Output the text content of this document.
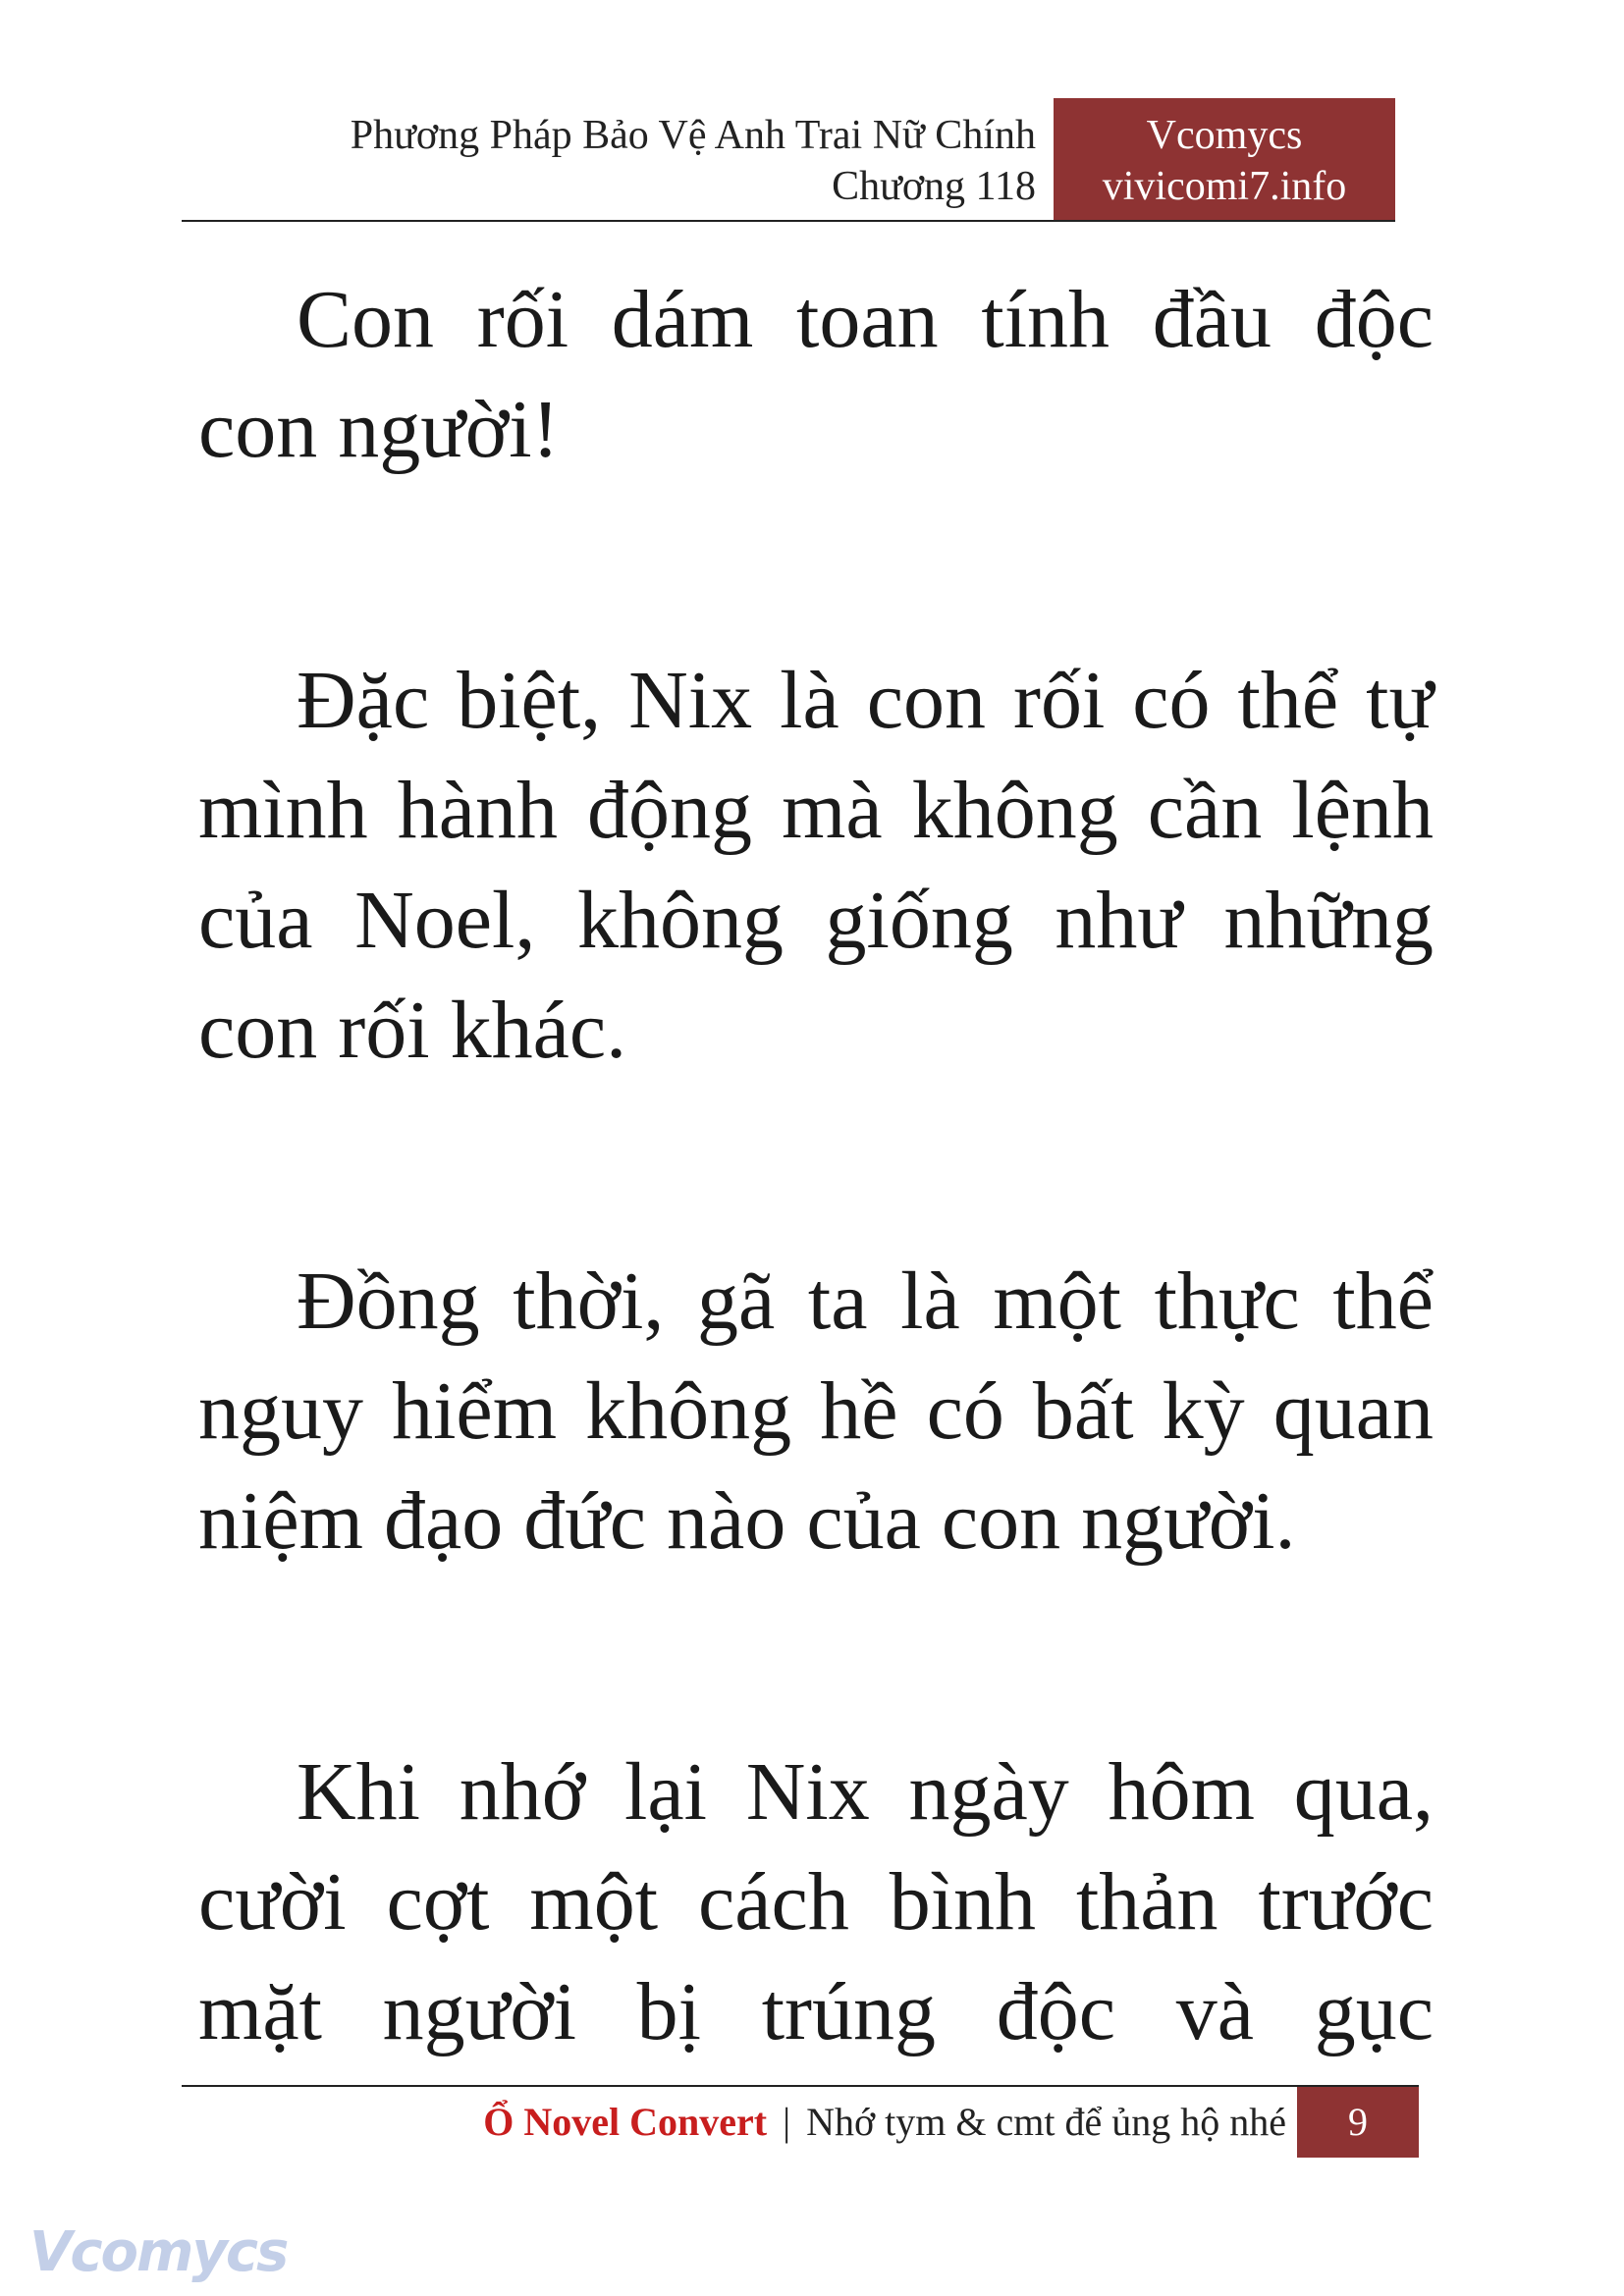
Phương Pháp Bảo Vệ Anh Trai Nữ Chính
Chương 118
Vcomycs
vivicomi7.info

Con rối dám toan tính đầu độc con người!

Đặc biệt, Nix là con rối có thể tự mình hành động mà không cần lệnh của Noel, không giống như những con rối khác.

Đồng thời, gã ta là một thực thể nguy hiểm không hề có bất kỳ quan niệm đạo đức nào của con người.

Khi nhớ lại Nix ngày hôm qua, cười cợt một cách bình thản trước mặt người bị trúng độc và gục

Ổ Novel Convert | Nhớ tym & cmt để ủng hộ nhé	9
Vcomycs
